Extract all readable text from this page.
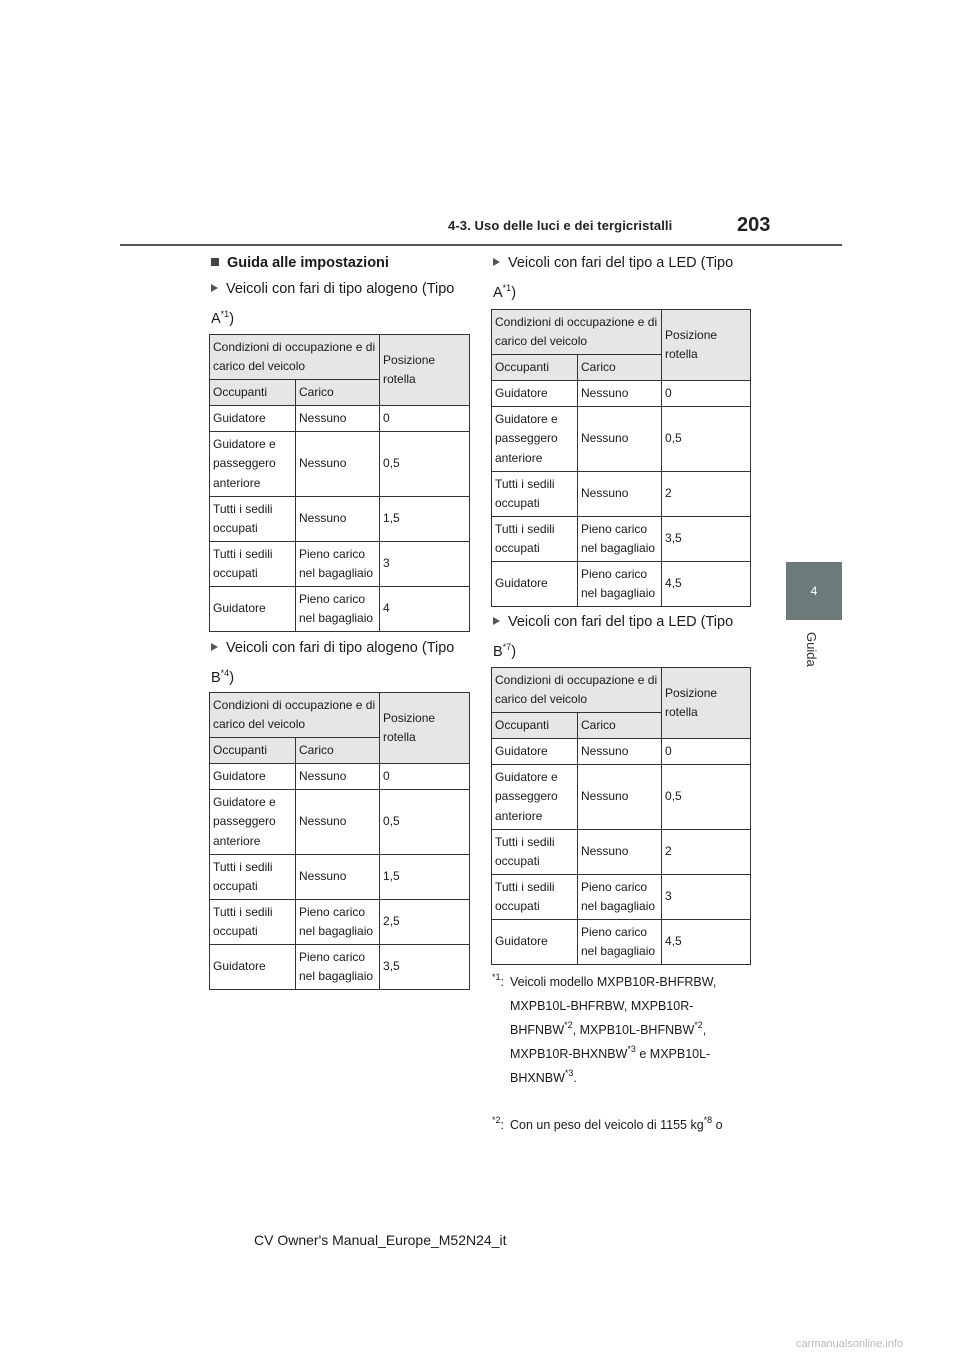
4-3. Uso delle luci e dei tergicristalli	203
4
Guida
Guida alle impostazioni
Veicoli con fari di tipo alogeno (Tipo $A^{*1}$)
Condizioni di occupazione e di carico del veicolo		Posizione rotella
Occupanti	Carico	
Guidatore	Nessuno	0
Guidatore e passeggero anteriore	Nessuno	0,5
Tutti i sedili occupati	Nessuno	1,5
Tutti i sedili occupati	Pieno carico nel bagagliaio	3
Guidatore	Pieno carico nel bagagliaio	4
Veicoli con fari di tipo alogeno (Tipo $B^{*4}$)
Condizioni di occupazione e di carico del veicolo		Posizione rotella
Occupanti	Carico	
Guidatore	Nessuno	0
Guidatore e passeggero anteriore	Nessuno	0,5
Tutti i sedili occupati	Nessuno	1,5
Tutti i sedili occupati	Pieno carico nel bagagliaio	2,5
Guidatore	Pieno carico nel bagagliaio	3,5
Veicoli con fari del tipo a LED (Tipo $A^{*1}$)
Condizioni di occupazione e di carico del veicolo		Posizione rotella
Occupanti	Carico	
Guidatore	Nessuno	0
Guidatore e passeggero anteriore	Nessuno	0,5
Tutti i sedili occupati	Nessuno	2
Tutti i sedili occupati	Pieno carico nel bagagliaio	3,5
Guidatore	Pieno carico nel bagagliaio	4,5
Veicoli con fari del tipo a LED (Tipo $B^{*7}$)
Condizioni di occupazione e di carico del veicolo		Posizione rotella
Occupanti	Carico	
Guidatore	Nessuno	0
Guidatore e passeggero anteriore	Nessuno	0,5
Tutti i sedili occupati	Nessuno	2
Tutti i sedili occupati	Pieno carico nel bagagliaio	3
Guidatore	Pieno carico nel bagagliaio	4,5
$^{*1}$: Veicoli modello MXPB10R-BHFRBW, MXPB10L-BHFRBW, MXPB10R-BHFNBW$^{*2}$, MXPB10L-BHFNBW$^{*2}$, MXPB10R-BHXNBW$^{*3}$ e MXPB10L-BHXNBW$^{*3}$.
$^{*2}$: Con un peso del veicolo di 1155 $kg^{*8}$ o
CV Owner's Manual_Europe_M52N24_it
carmanualsonline.info
